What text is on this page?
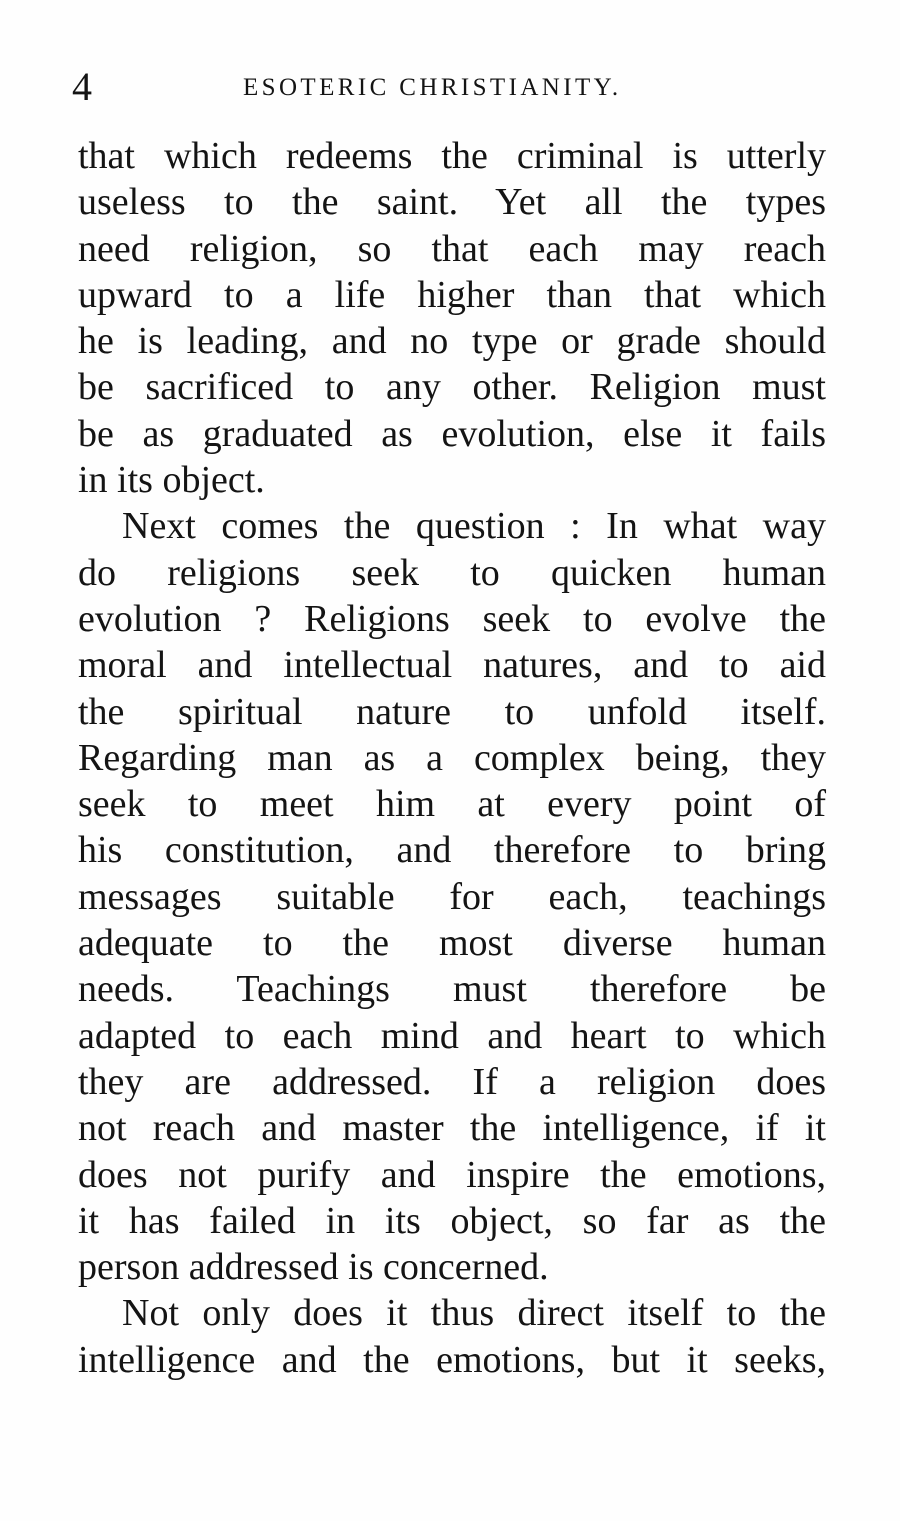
4	ESOTERIC CHRISTIANITY.
that which redeems the criminal is utterly
useless to the saint. Yet all the types
need religion, so that each may reach
upward to a life higher than that which
he is leading, and no type or grade should
be sacrificed to any other. Religion must
be as graduated as evolution, else it fails
in its object.
Next comes the question : In what way
do religions seek to quicken human
evolution ? Religions seek to evolve the
moral and intellectual natures, and to aid
the spiritual nature to unfold itself.
Regarding man as a complex being, they
seek to meet him at every point of
his constitution, and therefore to bring
messages suitable for each, teachings
adequate to the most diverse human
needs. Teachings must therefore be
adapted to each mind and heart to which
they are addressed. If a religion does
not reach and master the intelligence, if it
does not purify and inspire the emotions,
it has failed in its object, so far as the
person addressed is concerned.
Not only does it thus direct itself to the
intelligence and the emotions, but it seeks,
